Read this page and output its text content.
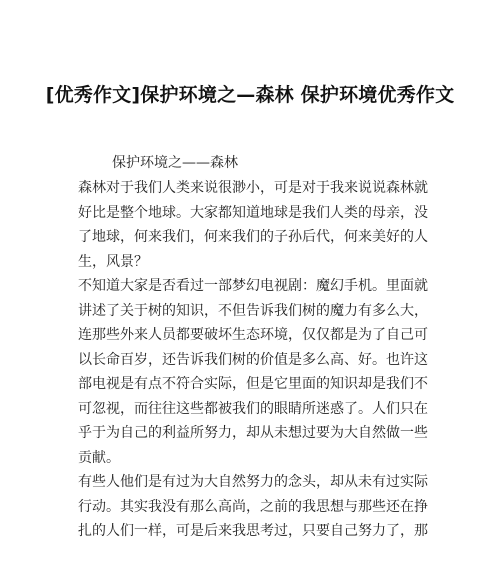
[优秀作文]保护环境之—森林 保护环境优秀作文
保护环境之——森林

森林对于我们人类来说很渺小，可是对于我来说说森林就好比是整个地球。大家都知道地球是我们人类的母亲，没了地球，何来我们，何来我们的子孙后代，何来美好的人生，风景？

不知道大家是否看过一部梦幻电视剧：魔幻手机。里面就讲述了关于树的知识，不但告诉我们树的魔力有多么大，连那些外来人员都要破坏生态环境，仅仅都是为了自己可以长命百岁，还告诉我们树的价值是多么高、好。也许这部电视是有点不符合实际，但是它里面的知识却是我们不可忽视，而往往这些都被我们的眼睛所迷惑了。人们只在乎于为自己的利益所努力，却从未想过要为大自然做一些贡献。

有些人他们是有过为大自然努力的念头，却从未有过实际行动。其实我没有那么高尚，之前的我思想与那些还在挣扎的人们一样，可是后来我思考过，只要自己努力了，那
